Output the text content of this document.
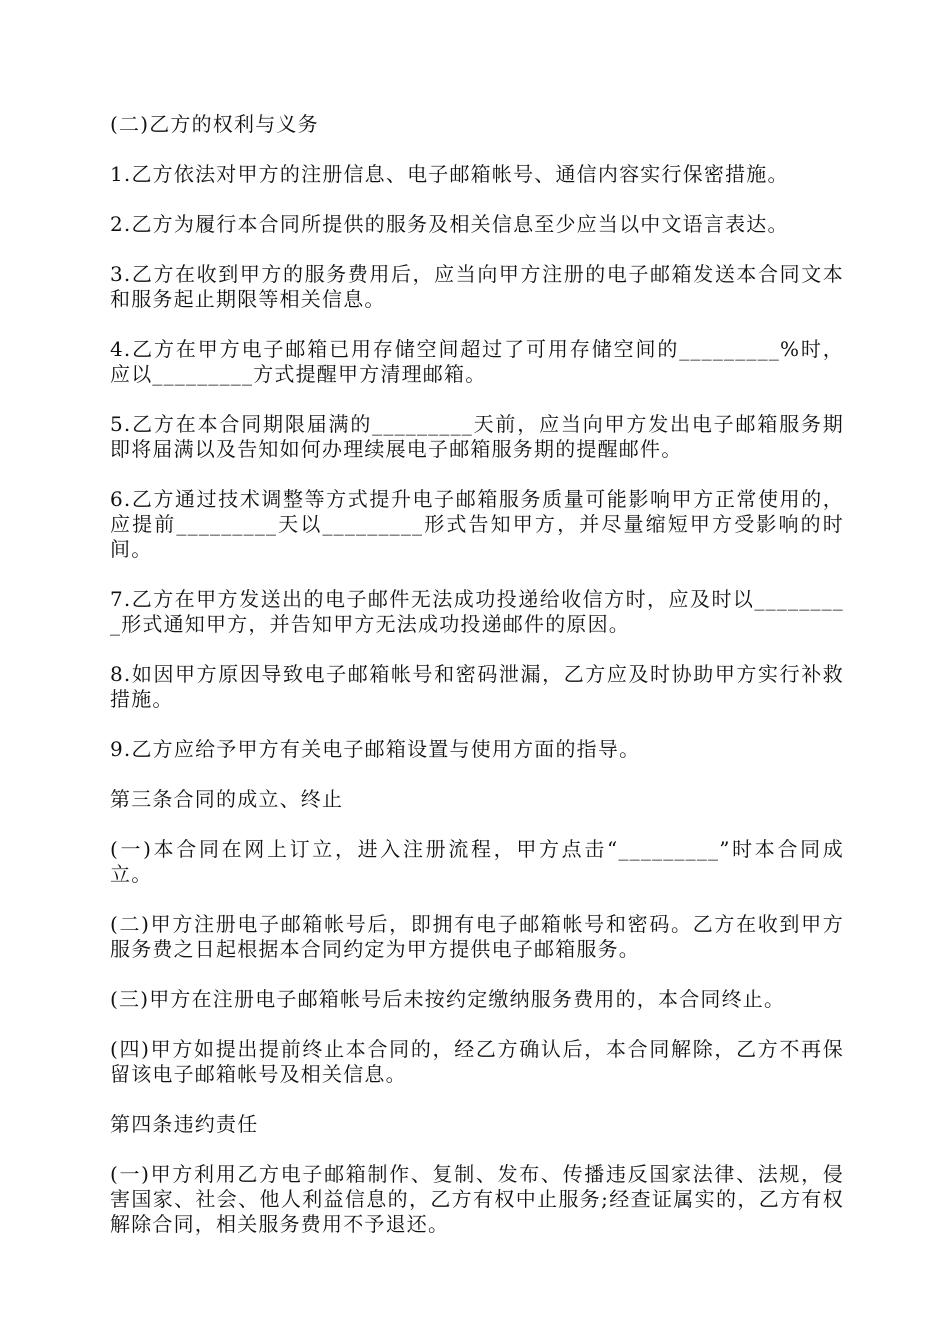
(二)乙方的权利与义务

1.乙方依法对甲方的注册信息、电子邮箱帐号、通信内容实行保密措施。

2.乙方为履行本合同所提供的服务及相关信息至少应当以中文语言表达。

3.乙方在收到甲方的服务费用后，应当向甲方注册的电子邮箱发送本合同文本和服务起止期限等相关信息。

4.乙方在甲方电子邮箱已用存储空间超过了可用存储空间的_________%时，应以_________方式提醒甲方清理邮箱。

5.乙方在本合同期限届满的_________天前，应当向甲方发出电子邮箱服务期即将届满以及告知如何办理续展电子邮箱服务期的提醒邮件。

6.乙方通过技术调整等方式提升电子邮箱服务质量可能影响甲方正常使用的，应提前_________天以_________形式告知甲方，并尽量缩短甲方受影响的时间。

7.乙方在甲方发送出的电子邮件无法成功投递给收信方时，应及时以_________形式通知甲方，并告知甲方无法成功投递邮件的原因。

8.如因甲方原因导致电子邮箱帐号和密码泄漏，乙方应及时协助甲方实行补救措施。

9.乙方应给予甲方有关电子邮箱设置与使用方面的指导。

第三条合同的成立、终止

(一)本合同在网上订立，进入注册流程，甲方点击“_________”时本合同成立。

(二)甲方注册电子邮箱帐号后，即拥有电子邮箱帐号和密码。乙方在收到甲方服务费之日起根据本合同约定为甲方提供电子邮箱服务。

(三)甲方在注册电子邮箱帐号后未按约定缴纳服务费用的，本合同终止。

(四)甲方如提出提前终止本合同的，经乙方确认后，本合同解除，乙方不再保留该电子邮箱帐号及相关信息。

第四条违约责任

(一)甲方利用乙方电子邮箱制作、复制、发布、传播违反国家法律、法规，侵害国家、社会、他人利益信息的，乙方有权中止服务;经查证属实的，乙方有权解除合同，相关服务费用不予退还。
